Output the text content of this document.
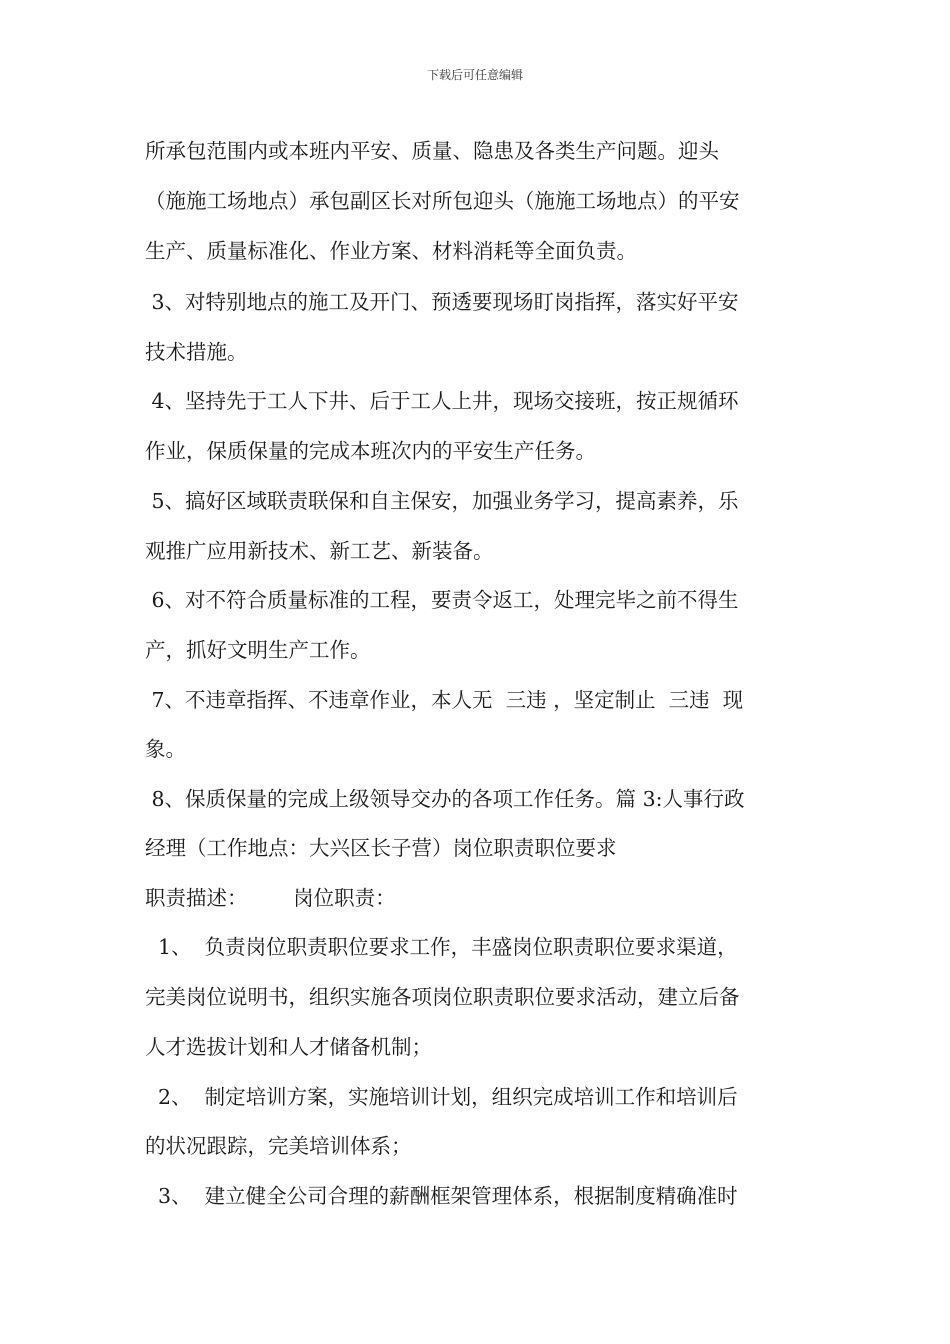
下载后可任意编辑
所承包范围内或本班内平安、质量、隐患及各类生产问题。迎头
（施施工场地点）承包副区长对所包迎头（施施工场地点）的平安
生产、质量标准化、作业方案、材料消耗等全面负责。
3、对特别地点的施工及开门、预透要现场盯岗指挥，落实好平安
技术措施。
4、坚持先于工人下井、后于工人上井，现场交接班，按正规循环
作业，保质保量的完成本班次内的平安生产任务。
5、搞好区域联责联保和自主保安，加强业务学习，提高素养，乐
观推广应用新技术、新工艺、新装备。
6、对不符合质量标准的工程，要责令返工，处理完毕之前不得生
产，抓好文明生产工作。
7、不违章指挥、不违章作业，本人无  三违 ，坚定制止  三违  现
象。
8、保质保量的完成上级领导交办的各项工作任务。篇 3:人事行政
经理（工作地点：大兴区长子营）岗位职责职位要求
职责描述：       岗位职责：
1、  负责岗位职责职位要求工作，丰盛岗位职责职位要求渠道，
完美岗位说明书，组织实施各项岗位职责职位要求活动，建立后备
人才选拔计划和人才储备机制；
2、  制定培训方案，实施培训计划，组织完成培训工作和培训后
的状况跟踪，完美培训体系；
3、  建立健全公司合理的薪酬框架管理体系，根据制度精确准时
